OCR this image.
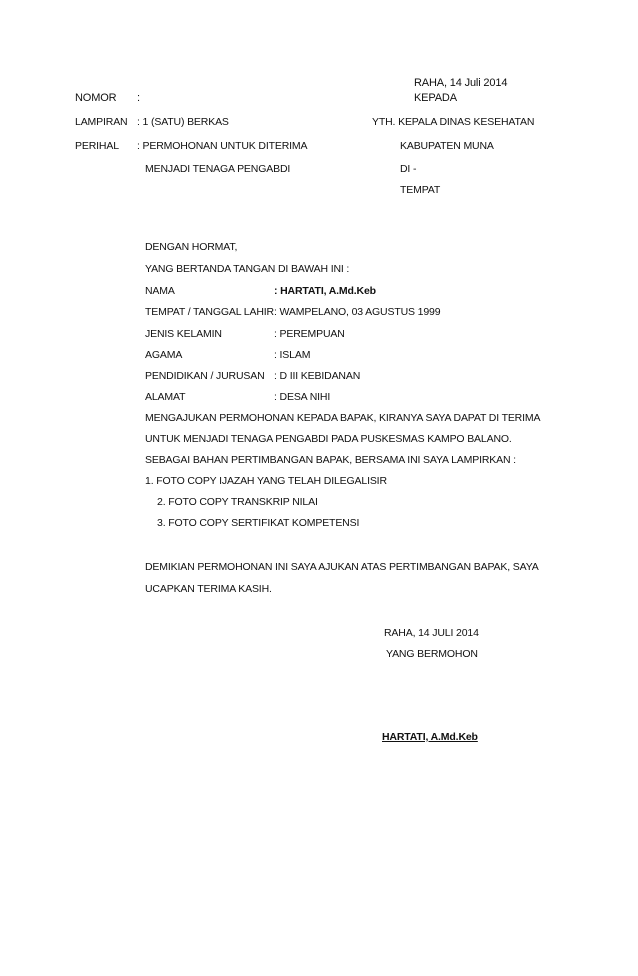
RAHA, 14 Juli 2014
KEPADA
YTH. KEPALA DINAS KESEHATAN
KABUPATEN MUNA
DI -
TEMPAT
NOMOR :
LAMPIRAN : 1 (SATU) BERKAS
PERIHAL : PERMOHONAN UNTUK DITERIMA
MENJADI TENAGA PENGABDI
DENGAN HORMAT,
YANG BERTANDA TANGAN DI BAWAH INI :
NAMA	: HARTATI, A.Md.Keb
TEMPAT / TANGGAL LAHIR : WAMPELANO, 03 AGUSTUS 1999
JENIS KELAMIN	: PEREMPUAN
AGAMA	: ISLAM
PENDIDIKAN / JURUSAN : D III KEBIDANAN
ALAMAT	: DESA NIHI
MENGAJUKAN PERMOHONAN KEPADA BAPAK, KIRANYA SAYA DAPAT DI TERIMA
UNTUK MENJADI TENAGA PENGABDI PADA PUSKESMAS KAMPO BALANO.
SEBAGAI BAHAN PERTIMBANGAN BAPAK, BERSAMA INI SAYA LAMPIRKAN :
1. FOTO COPY IJAZAH YANG TELAH DILEGALISIR
2. FOTO COPY TRANSKRIP NILAI
3. FOTO COPY SERTIFIKAT KOMPETENSI
DEMIKIAN PERMOHONAN INI SAYA AJUKAN ATAS PERTIMBANGAN BAPAK, SAYA
UCAPKAN TERIMA KASIH.
RAHA, 14 JULI 2014
YANG BERMOHON
HARTATI, A.Md.Keb
